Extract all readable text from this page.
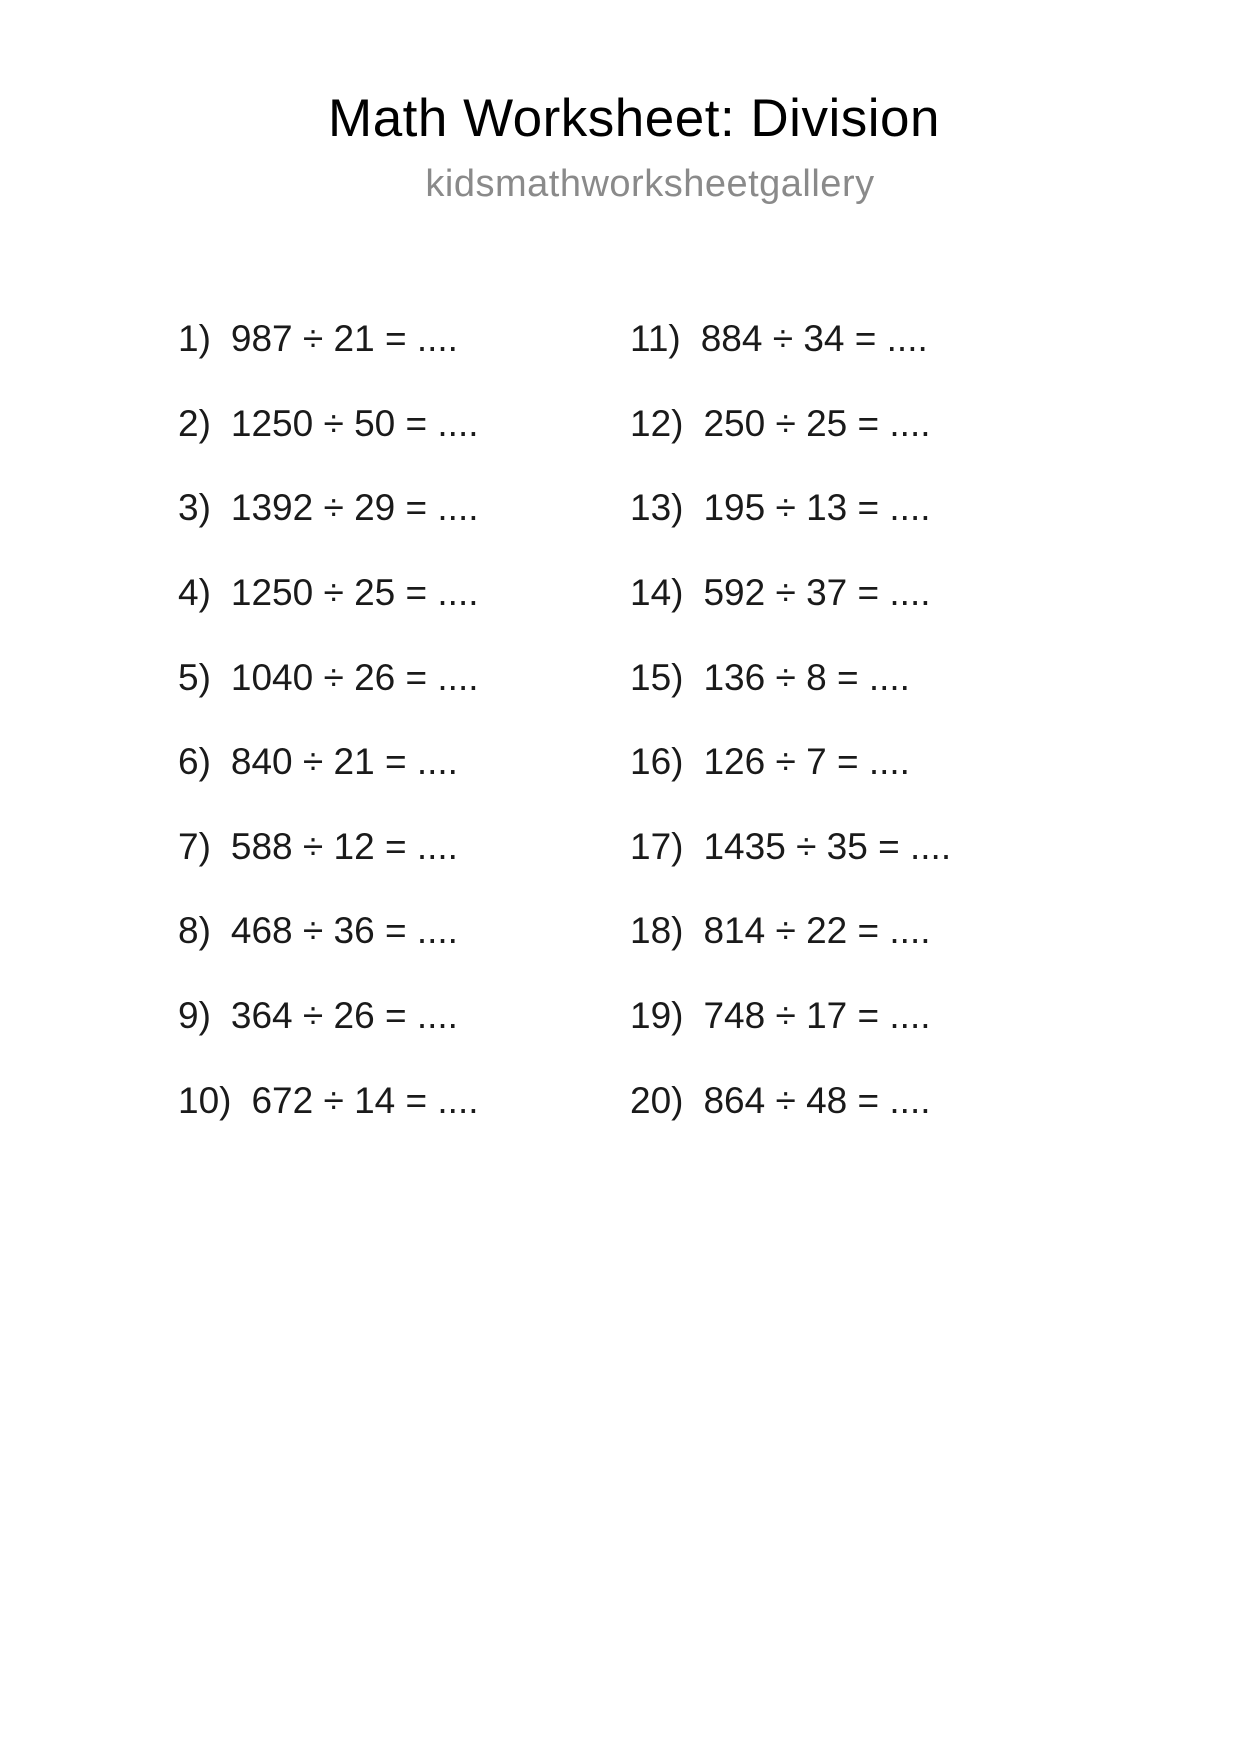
Math Worksheet: Division
kidsmathworksheetgallery
1) 987 ÷ 21 = ....
2) 1250 ÷ 50 = ....
3) 1392 ÷ 29 = ....
4) 1250 ÷ 25 = ....
5) 1040 ÷ 26 = ....
6) 840 ÷ 21 = ....
7) 588 ÷ 12 = ....
8) 468 ÷ 36 = ....
9) 364 ÷ 26 = ....
10) 672 ÷ 14 = ....
11) 884 ÷ 34 = ....
12) 250 ÷ 25 = ....
13) 195 ÷ 13 = ....
14) 592 ÷ 37 = ....
15) 136 ÷ 8 = ....
16) 126 ÷ 7 = ....
17) 1435 ÷ 35 = ....
18) 814 ÷ 22 = ....
19) 748 ÷ 17 = ....
20) 864 ÷ 48 = ....
